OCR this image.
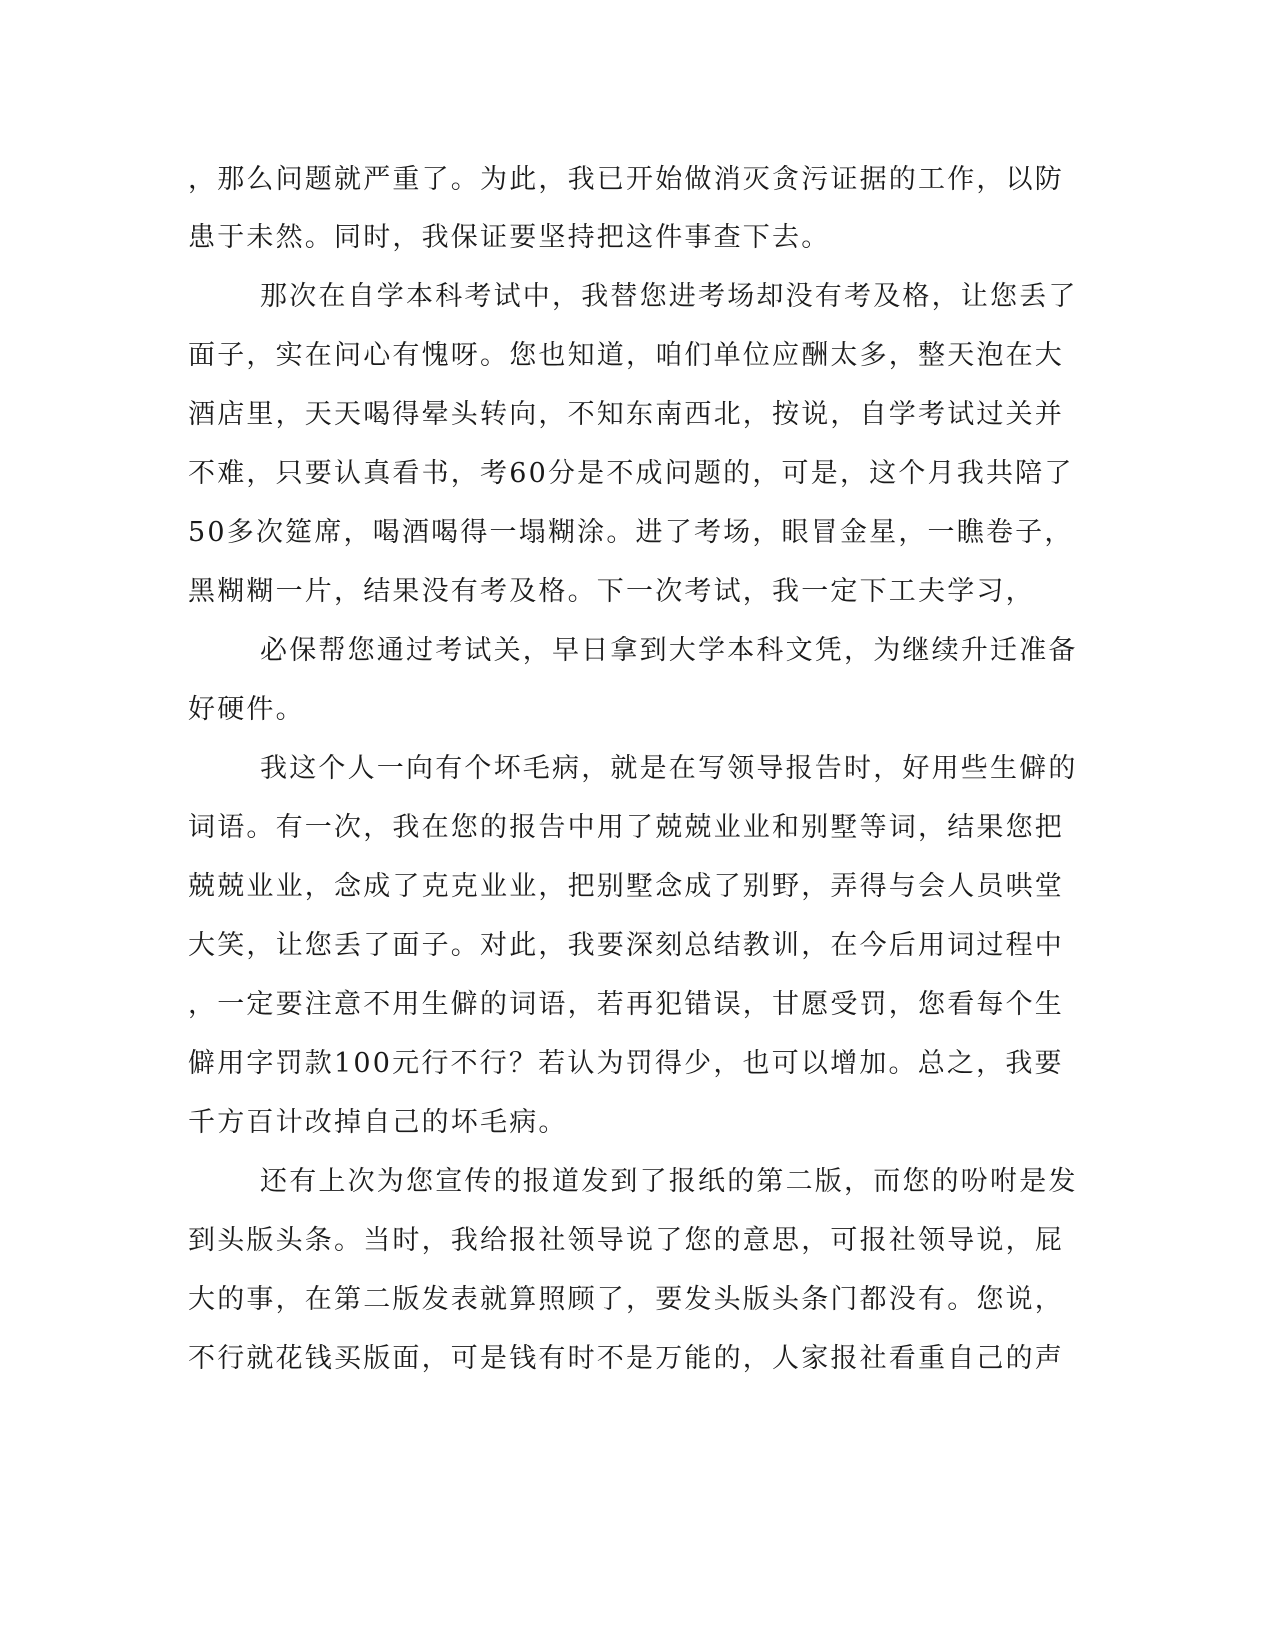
，那么问题就严重了。为此，我已开始做消灭贪污证据的工作，以防
患于未然。同时，我保证要坚持把这件事查下去。
那次在自学本科考试中，我替您进考场却没有考及格，让您丢了
面子，实在问心有愧呀。您也知道，咱们单位应酬太多，整天泡在大
酒店里，天天喝得晕头转向，不知东南西北，按说，自学考试过关并
不难，只要认真看书，考60分是不成问题的，可是，这个月我共陪了
50多次筵席，喝酒喝得一塌糊涂。进了考场，眼冒金星，一瞧卷子，
黑糊糊一片，结果没有考及格。下一次考试，我一定下工夫学习，
必保帮您通过考试关，早日拿到大学本科文凭，为继续升迁准备
好硬件。
我这个人一向有个坏毛病，就是在写领导报告时，好用些生僻的
词语。有一次，我在您的报告中用了兢兢业业和别墅等词，结果您把
兢兢业业，念成了克克业业，把别墅念成了别野，弄得与会人员哄堂
大笑，让您丢了面子。对此，我要深刻总结教训，在今后用词过程中
，一定要注意不用生僻的词语，若再犯错误，甘愿受罚，您看每个生
僻用字罚款100元行不行？若认为罚得少，也可以增加。总之，我要
千方百计改掉自己的坏毛病。
还有上次为您宣传的报道发到了报纸的第二版，而您的吩咐是发
到头版头条。当时，我给报社领导说了您的意思，可报社领导说，屁
大的事，在第二版发表就算照顾了，要发头版头条门都没有。您说，
不行就花钱买版面，可是钱有时不是万能的，人家报社看重自己的声
